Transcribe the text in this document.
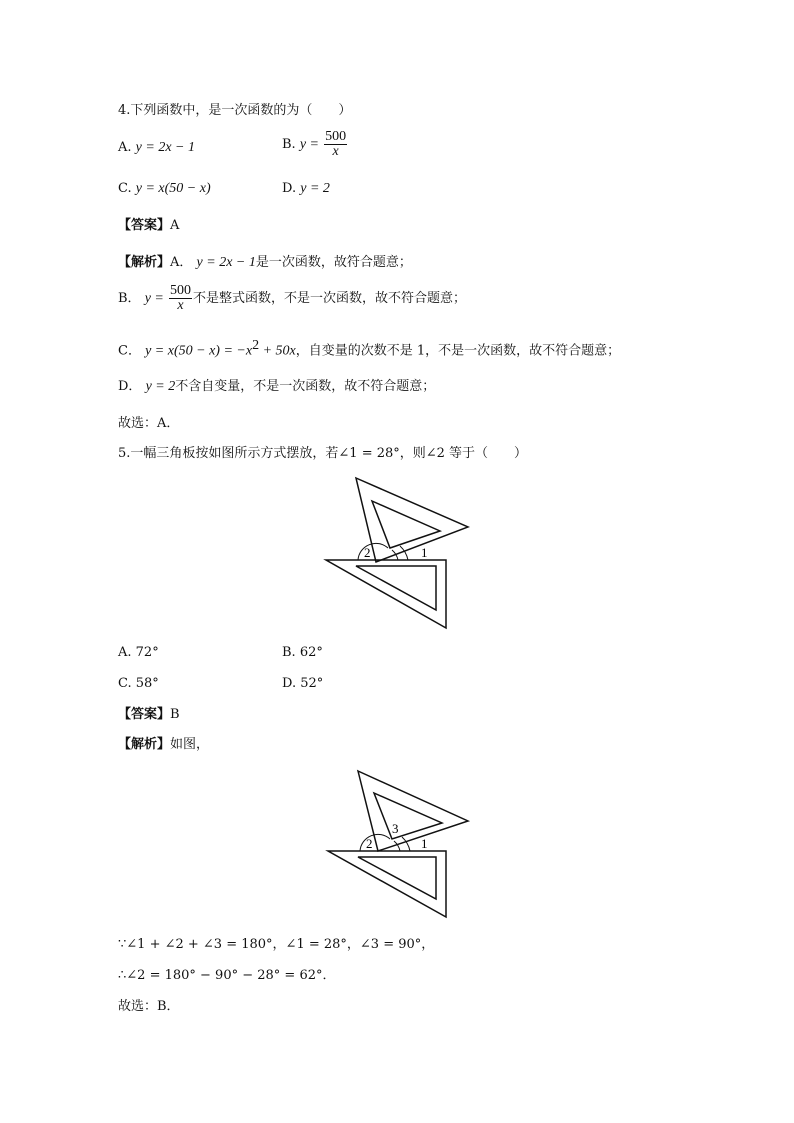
4.下列函数中，是一次函数的为（　　）
A. y = 2x − 1	B. $y = \frac{500}{x}$
C. y = x(50 − x)	D. y = 2
【答案】A
【解析】A． y = 2x − 1是一次函数，故符合题意；
B． $y = \frac{500}{x}$ 不是整式函数，不是一次函数，故不符合题意；
C． $y = x(50 - x) = -x^2 + 50x$，自变量的次数不是 1，不是一次函数，故不符合题意；
D． y = 2不含自变量，不是一次函数，故不符合题意；
故选：A．
5.一幅三角板按如图所示方式摆放，若∠1 = 28°，则∠2 等于（　　）
2	1
A. 72°	B. 62°
C. 58°	D. 52°
【答案】B
【解析】如图，
2
3
1
∵∠1 + ∠2 + ∠3 = 180°，∠1 = 28°，∠3 = 90°，
∴∠2 = 180° − 90° − 28° = 62°．
故选：B．
